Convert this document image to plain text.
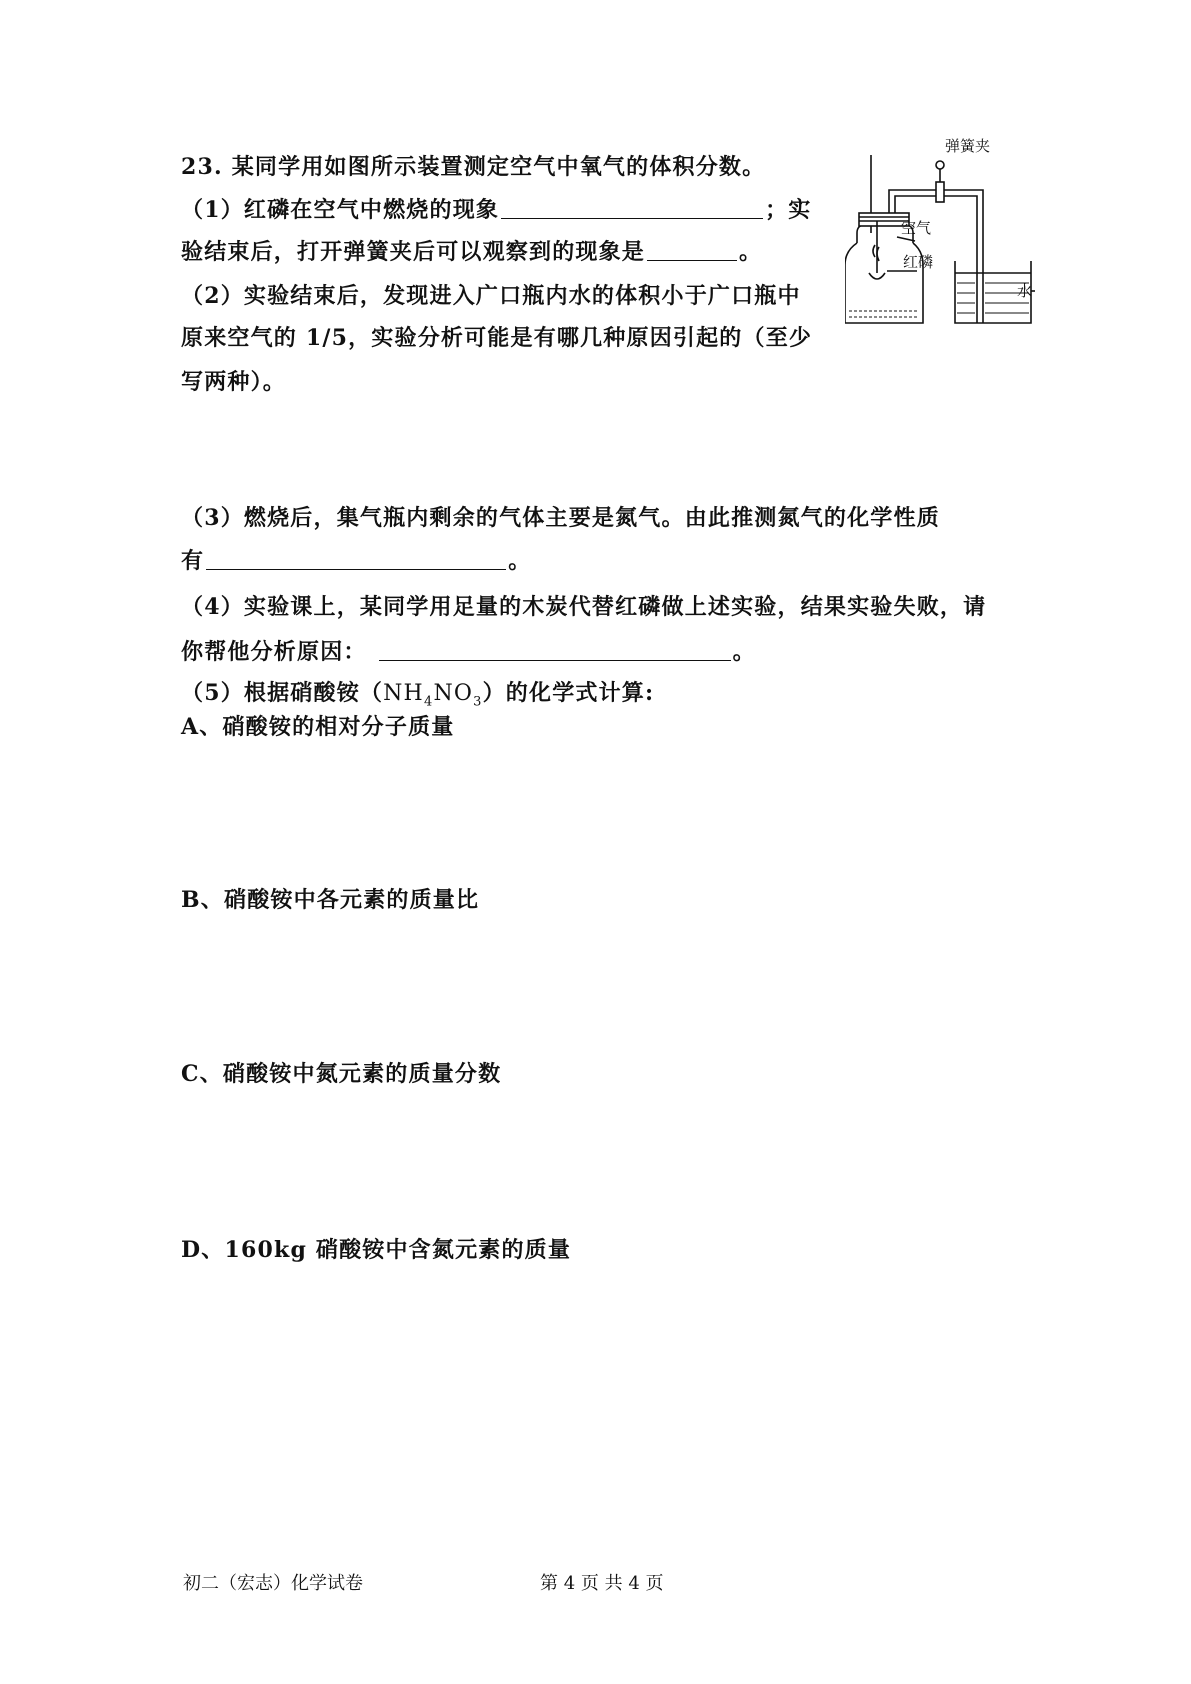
23. 某同学用如图所示装置测定空气中氧气的体积分数。

（1）红磷在空气中燃烧的现象	；实

验结束后，打开弹簧夹后可以观察到的现象是	。

（2）实验结束后，发现进入广口瓶内水的体积小于广口瓶中

原来空气的 1/5，实验分析可能是有哪几种原因引起的（至少

写两种）。

（3）燃烧后，集气瓶内剩余的气体主要是氮气。由此推测氮气的化学性质

有	。

（4）实验课上，某同学用足量的木炭代替红磷做上述实验，结果实验失败，请

你帮他分析原因：	。

（5）根据硝酸铵$(NH_4NO_3)$的化学式计算:

A、硝酸铵的相对分子质量

B、硝酸铵中各元素的质量比

C、硝酸铵中氮元素的质量分数

D、160kg 硝酸铵中含氮元素的质量

弹簧夹
空气
红磷
水
初二（宏志）化学试卷	第 4 页 共 4 页
